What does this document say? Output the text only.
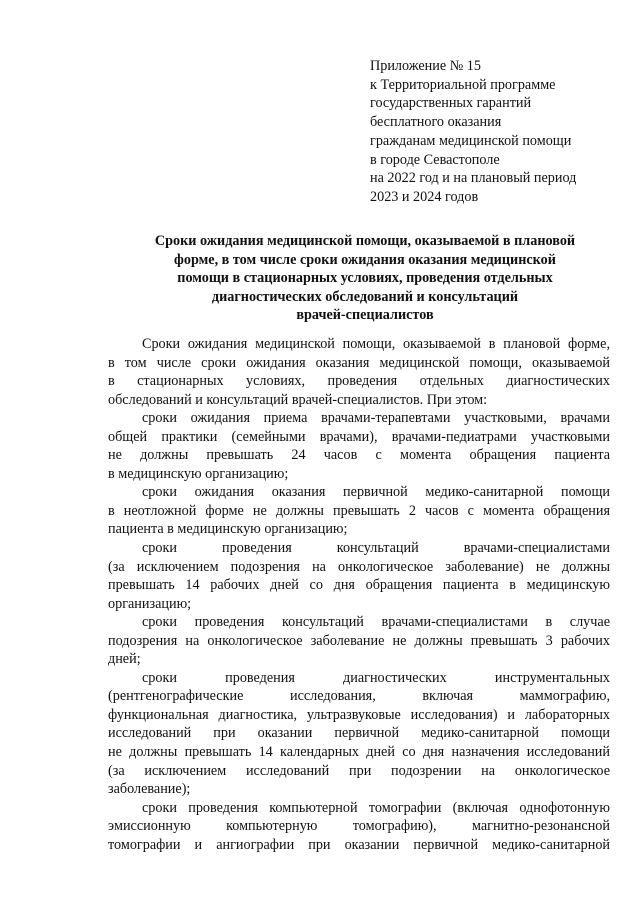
Приложение № 15
к Территориальной программе
государственных гарантий
бесплатного оказания
гражданам медицинской помощи
в городе Севастополе
на 2022 год и на плановый период
2023 и 2024 годов
Сроки ожидания медицинской помощи, оказываемой в плановой
форме, в том числе сроки ожидания оказания медицинской
помощи в стационарных условиях, проведения отдельных
диагностических обследований и консультаций
врачей-специалистов
Сроки ожидания медицинской помощи, оказываемой в плановой форме,
в том числе сроки ожидания оказания медицинской помощи, оказываемой
в стационарных условиях, проведения отдельных диагностических
обследований и консультаций врачей-специалистов. При этом:
сроки ожидания приема врачами-терапевтами участковыми, врачами
общей практики (семейными врачами), врачами-педиатрами участковыми
не должны превышать 24 часов с момента обращения пациента
в медицинскую организацию;
сроки ожидания оказания первичной медико-санитарной помощи
в неотложной форме не должны превышать 2 часов с момента обращения
пациента в медицинскую организацию;
сроки проведения консультаций врачами-специалистами
(за исключением подозрения на онкологическое заболевание) не должны
превышать 14 рабочих дней со дня обращения пациента в медицинскую
организацию;
сроки проведения консультаций врачами-специалистами в случае
подозрения на онкологическое заболевание не должны превышать 3 рабочих
дней;
сроки проведения диагностических инструментальных
(рентгенографические исследования, включая маммографию,
функциональная диагностика, ультразвуковые исследования) и лабораторных
исследований при оказании первичной медико-санитарной помощи
не должны превышать 14 календарных дней со дня назначения исследований
(за исключением исследований при подозрении на онкологическое
заболевание);
сроки проведения компьютерной томографии (включая однофотонную
эмиссионную компьютерную томографию), магнитно-резонансной
томографии и ангиографии при оказании первичной медико-санитарной
